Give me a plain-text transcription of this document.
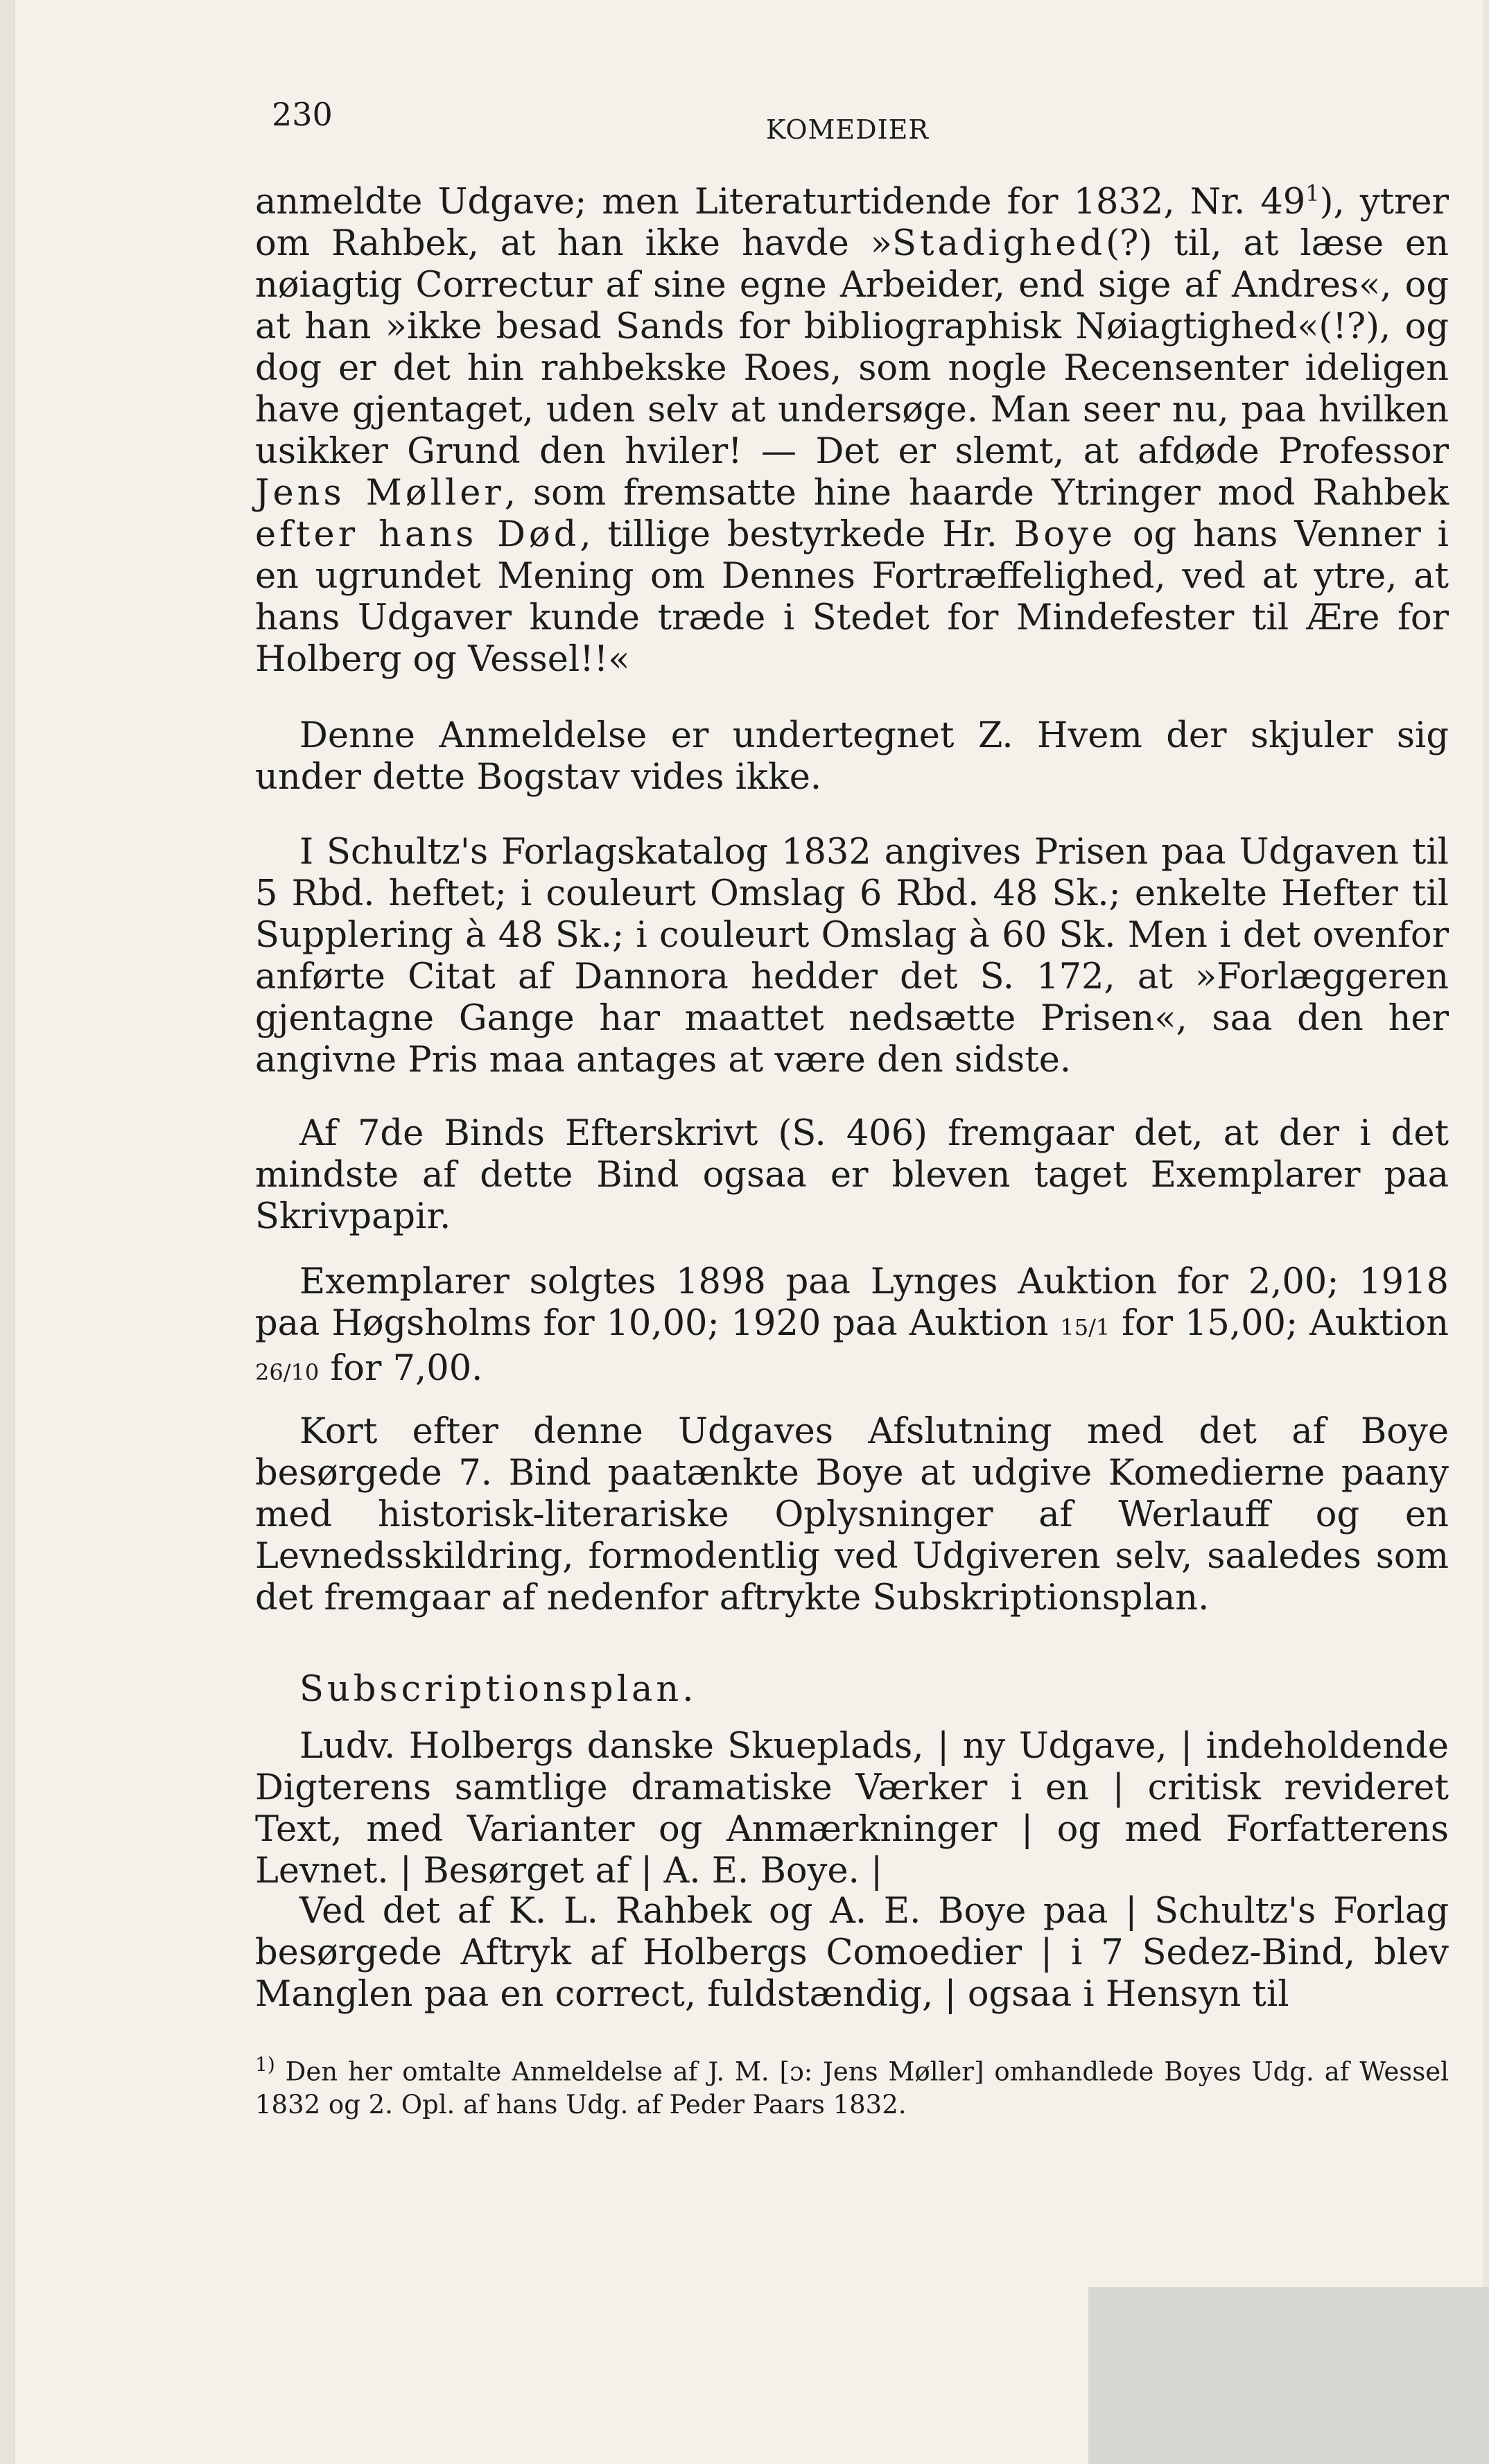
230	KOMEDIER

anmeldte Udgave; men Literaturtidende for 1832, Nr. $49^1$), ytrer om Rahbek, at han ikke havde »Stadighed(?) til, at læse en nøiagtig Correctur af sine egne Arbeider, end sige af Andres«, og at han »ikke besad Sands for bibliographisk Nøiagtighed«(!?), og dog er det hin rahbekske Roes, som nogle Recensenter ideligen have gjentaget, uden selv at undersøge. Man seer nu, paa hvilken usikker Grund den hviler! — Det er slemt, at afdøde Professor Jens Møller, som fremsatte hine haarde Ytringer mod Rahbek efter hans Død, tillige bestyrkede Hr. Boye og hans Venner i en ugrundet Mening om Dennes Fortræffelighed, ved at ytre, at hans Udgaver kunde træde i Stedet for Mindefester til Ære for Holberg og Vessel!!«

Denne Anmeldelse er undertegnet Z. Hvem der skjuler sig under dette Bogstav vides ikke.

I Schultz's Forlagskatalog 1832 angives Prisen paa Udgaven til 5 Rbd. heftet; i couleurt Omslag 6 Rbd. 48 Sk.; enkelte Hefter til Supplering à 48 Sk.; i couleurt Omslag à 60 Sk. Men i det ovenfor anførte Citat af Dannora hedder det S. 172, at »Forlæggeren gjentagne Gange har maattet nedsætte Prisen«, saa den her angivne Pris maa antages at være den sidste.

Af 7de Binds Efterskrivt (S. 406) fremgaar det, at der i det mindste af dette Bind ogsaa er bleven taget Exemplarer paa Skrivpapir.

Exemplarer solgtes 1898 paa Lynges Auktion for 2,00; 1918 paa Høgsholms for 10,00; 1920 paa Auktion 15/1 for 15,00; Auktion 26/10 for 7,00.

Kort efter denne Udgaves Afslutning med det af Boye besørgede 7. Bind paatænkte Boye at udgive Komedierne paany med historisk-literariske Oplysninger af Werlauff og en Levnedsskildring, formodentlig ved Udgiveren selv, saaledes som det fremgaar af nedenfor aftrykte Subskriptionsplan.

Subscriptionsplan.

Ludv. Holbergs danske Skueplads, | ny Udgave, | indeholdende Digterens samtlige dramatiske Værker i en | critisk revideret Text, med Varianter og Anmærkninger | og med Forfatterens Levnet. | Besørget af | A. E. Boye. |

Ved det af K. L. Rahbek og A. E. Boye paa | Schultz's Forlag besørgede Aftryk af Holbergs Comoedier | i 7 Sedez-Bind, blev Manglen paa en correct, fuldstændig, | ogsaa i Hensyn til

$^{1)}$ Den her omtalte Anmeldelse af J. M. [ɔ: Jens Møller] omhandlede Boyes Udg. af Wessel 1832 og 2. Opl. af hans Udg. af Peder Paars 1832.
